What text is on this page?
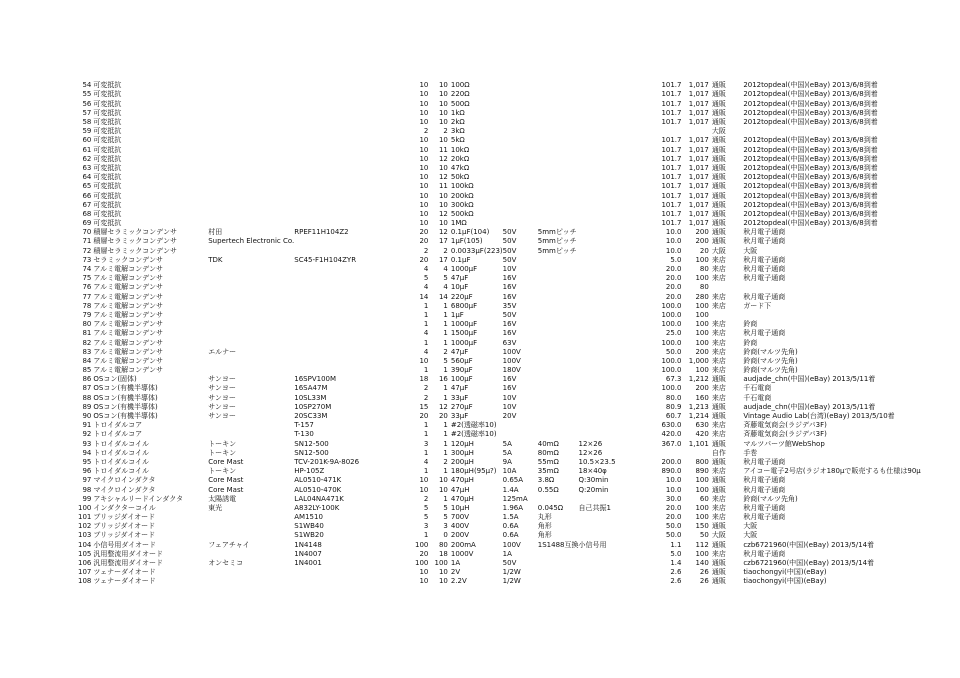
54	可変抵抗			10	10	100Ω				101.7	1,017	通販	2012topdeal(中国)(eBay) 2013/6/8到着
55	可変抵抗			10	10	220Ω				101.7	1,017	通販	2012topdeal(中国)(eBay) 2013/6/8到着
56	可変抵抗			10	10	500Ω				101.7	1,017	通販	2012topdeal(中国)(eBay) 2013/6/8到着
57	可変抵抗			10	10	1kΩ				101.7	1,017	通販	2012topdeal(中国)(eBay) 2013/6/8到着
58	可変抵抗			10	10	2kΩ				101.7	1,017	通販	2012topdeal(中国)(eBay) 2013/6/8到着
59	可変抵抗			2	2	3kΩ						大阪	
60	可変抵抗			10	10	5kΩ				101.7	1,017	通販	2012topdeal(中国)(eBay) 2013/6/8到着
61	可変抵抗			10	11	10kΩ				101.7	1,017	通販	2012topdeal(中国)(eBay) 2013/6/8到着
62	可変抵抗			10	12	20kΩ				101.7	1,017	通販	2012topdeal(中国)(eBay) 2013/6/8到着
63	可変抵抗			10	10	47kΩ				101.7	1,017	通販	2012topdeal(中国)(eBay) 2013/6/8到着
64	可変抵抗			10	12	50kΩ				101.7	1,017	通販	2012topdeal(中国)(eBay) 2013/6/8到着
65	可変抵抗			10	11	100kΩ				101.7	1,017	通販	2012topdeal(中国)(eBay) 2013/6/8到着
66	可変抵抗			10	10	200kΩ				101.7	1,017	通販	2012topdeal(中国)(eBay) 2013/6/8到着
67	可変抵抗			10	10	300kΩ				101.7	1,017	通販	2012topdeal(中国)(eBay) 2013/6/8到着
68	可変抵抗			10	12	500kΩ				101.7	1,017	通販	2012topdeal(中国)(eBay) 2013/6/8到着
69	可変抵抗			10	10	1MΩ				101.7	1,017	通販	2012topdeal(中国)(eBay) 2013/6/8到着
70	積層セラミックコンデンサ	村田	RPEF11H104Z2	20	12	0.1μF(104)	50V	5mmピッチ		10.0	200	通販	秋月電子通商
71	積層セラミックコンデンサ	Supertech Electronic Co.		20	17	1μF(105)	50V	5mmピッチ		10.0	200	通販	秋月電子通商
72	積層セラミックコンデンサ			2	2	0.0033μF(223)	50V	5mmピッチ		10.0	20	大阪	大阪
73	セラミックコンデンサ	TDK	SC45-F1H104ZYR	20	17	0.1μF	50V			5.0	100	来店	秋月電子通商
74	アルミ電解コンデンサ			4	4	1000μF	10V			20.0	80	来店	秋月電子通商
75	アルミ電解コンデンサ			5	5	47μF	16V			20.0	100	来店	秋月電子通商
76	アルミ電解コンデンサ			4	4	10μF	16V			20.0	80		
77	アルミ電解コンデンサ			14	14	220μF	16V			20.0	280	来店	秋月電子通商
78	アルミ電解コンデンサ			1	1	6800μF	35V			100.0	100	来店	ガード下
79	アルミ電解コンデンサ			1	1	1μF	50V			100.0	100		
80	アルミ電解コンデンサ			1	1	1000μF	16V			100.0	100	来店	鈴商
81	アルミ電解コンデンサ			4	1	1500μF	16V			25.0	100	来店	秋月電子通商
82	アルミ電解コンデンサ			1	1	1000μF	63V			100.0	100	来店	鈴商
83	アルミ電解コンデンサ	エルナー		4	2	47μF	100V			50.0	200	来店	鈴商(マルツ先角)
84	アルミ電解コンデンサ			10	5	560μF	100V			100.0	1,000	来店	鈴商(マルツ先角)
85	アルミ電解コンデンサ			1	1	390μF	180V			100.0	100	来店	鈴商(マルツ先角)
86	OSコン(固体)	サンヨー	16SPV100M	18	16	100μF	16V			67.3	1,212	通販	audjade_chn(中国)(eBay) 2013/5/11着
87	OSコン(有機半導体)	サンヨー	16SA47M	2	1	47μF	16V			100.0	200	来店	千石電商
88	OSコン(有機半導体)	サンヨー	10SL33M	2	1	33μF	10V			80.0	160	来店	千石電商
89	OSコン(有機半導体)	サンヨー	10SP270M	15	12	270μF	10V			80.9	1,213	通販	audjade_chn(中国)(eBay) 2013/5/11着
90	OSコン(有機半導体)	サンヨー	20SC33M	20	20	33μF	20V			60.7	1,214	通販	Vintage Audio Lab(台湾)(eBay) 2013/5/10着
91	トロイダルコア		T-157	1	1	#2(透磁率10)				630.0	630	来店	斉藤電気商会(ラジデパ3F)
92	トロイダルコア		T-130	1	1	#2(透磁率10)				420.0	420	来店	斉藤電気商会(ラジデパ3F)
93	トロイダルコイル	トーキン	SN12-500	3	1	120μH	5A	40mΩ	12×26	367.0	1,101	通販	マルツパーツ館WebShop
94	トロイダルコイル	トーキン	SN12-500	1	1	300μH	5A	80mΩ	12×26			自作	手巻
95	トロイダルコイル	Core Mast	TCV-201K-9A-8026	4	2	200μH	9A	55mΩ	10.5×23.5	200.0	800	通販	秋月電子通商
96	トロイダルコイル	トーキン	HP-105Z	1	1	180μH(95μ?)	10A	35mΩ	18×40φ	890.0	890	来店	アイコー電子2号店(ラジオ180μで販売するも仕様は90μ
97	マイクロインダクタ	Core Mast	AL0510-471K	10	10	470μH	0.65A	3.8Ω	Q:30min	10.0	100	通販	秋月電子通商
98	マイクロインダクタ	Core Mast	AL0510-470K	10	10	47μH	1.4A	0.55Ω	Q:20min	10.0	100	通販	秋月電子通商
99	アキシャルリードインダクタ	太陽誘電	LAL04NA471K	2	1	470μH	125mA			30.0	60	来店	鈴商(マルツ先角)
100	インダクターコイル	東光	A832LY-100K	5	5	10μH	1.96A	0.045Ω	自己共振1	20.0	100	来店	秋月電子通商
101	ブリッジダイオード		AM1510	5	5	700V	1.5A	丸形		20.0	100	来店	秋月電子通商
102	ブリッジダイオード		S1WB40	3	3	400V	0.6A	角形		50.0	150	通販	大阪
103	ブリッジダイオード		S1WB20	1	0	200V	0.6A	角形		50.0	50	大阪	大阪
104	小信号用ダイオード	フェアチャイ	1N4148	100	80	200mA	100V	1S1488互換	小信号用	1.1	112	通販	czb6721960(中国)(eBay) 2013/5/14着
105	汎用整流用ダイオード		1N4007	20	18	1000V	1A			5.0	100	来店	秋月電子通商
106	汎用整流用ダイオード	オンセミコ	1N4001	100	100	1A	50V			1.4	140	通販	czb6721960(中国)(eBay) 2013/5/14着
107	ツェナーダイオード			10	10	2V	1/2W			2.6	26	通販	tiaochongyi(中国)(eBay)
108	ツェナーダイオード			10	10	2.2V	1/2W			2.6	26	通販	tiaochongyi(中国)(eBay)
